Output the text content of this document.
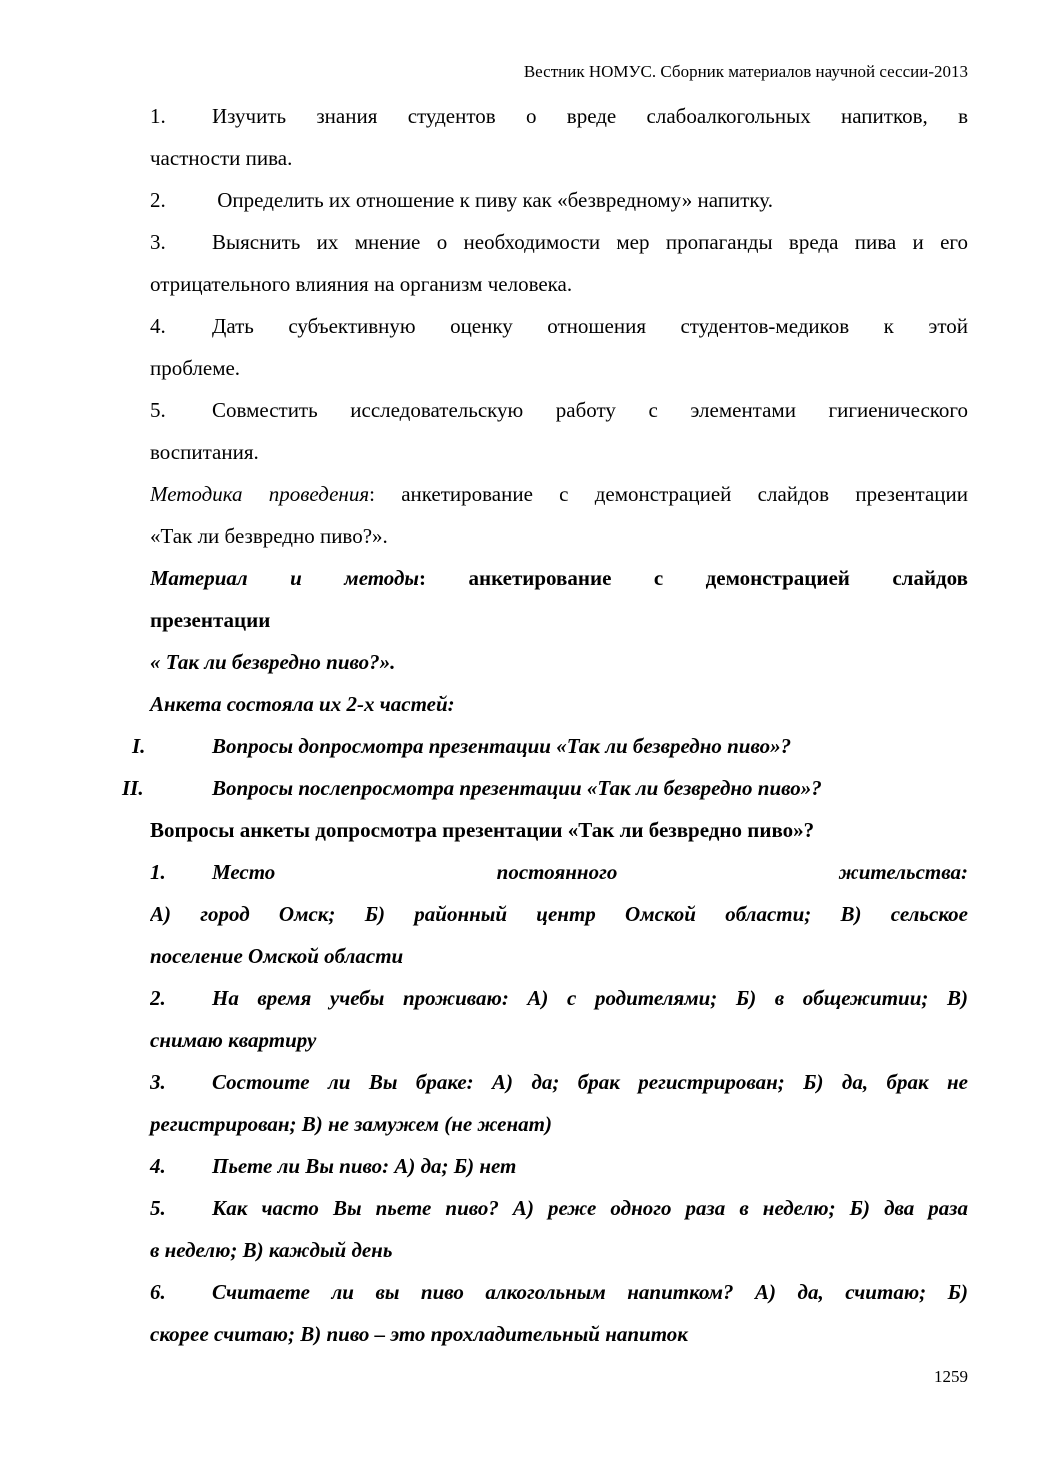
Вестник НОМУС. Сборник материалов научной сессии-2013
1. Изучить знания студентов о вреде слабоалкогольных напитков, в
частности пива.
2. Определить их отношение к пиву как «безвредному» напитку.
3. Выяснить их мнение о необходимости мер пропаганды вреда пива и его
отрицательного влияния на организм человека.
4. Дать субъективную оценку отношения студентов-медиков к этой
проблеме.
5. Совместить исследовательскую работу с элементами гигиенического
воспитания.
Методика проведения: анкетирование с демонстрацией слайдов презентации
«Так ли безвредно пиво?».
Материал и методы: анкетирование с демонстрацией слайдов
презентации
« Так ли безвредно пиво?».
Анкета состояла их 2-х частей:
I.	Вопросы допросмотра презентации «Так ли безвредно пиво»?
II.	Вопросы послепросмотра презентации «Так ли безвредно пиво»?
Вопросы анкеты допросмотра презентации «Так ли безвредно пиво»?
1. Место постоянного жительства:
А) город Омск; Б) районный центр Омской области; В) сельское
поселение Омской области
2. На время учебы проживаю: А) с родителями; Б) в общежитии; В)
снимаю квартиру
3. Состоите ли Вы браке: А) да; брак регистрирован; Б) да, брак не
регистрирован; В) не замужем (не женат)
4. Пьете ли Вы пиво: А) да; Б) нет
5. Как часто Вы пьете пиво? А) реже одного раза в неделю; Б) два раза
в неделю; В) каждый день
6. Считаете ли вы пиво алкогольным напитком? А) да, считаю; Б)
скорее считаю; В) пиво – это прохладительный напиток
1259
